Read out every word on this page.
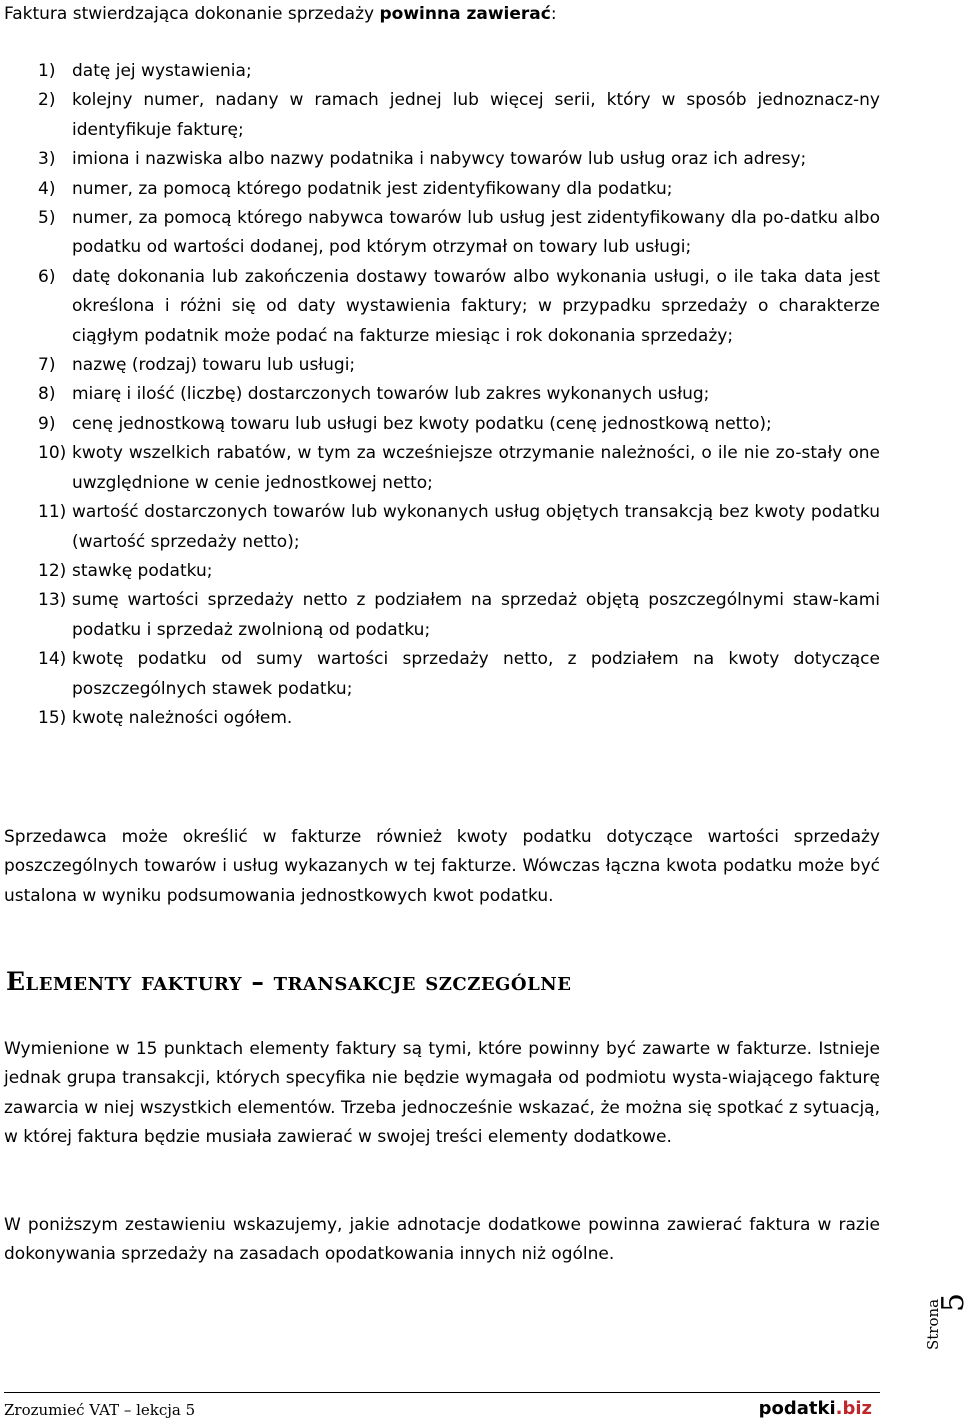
Faktura stwierdzająca dokonanie sprzedaży powinna zawierać:

1) datę jej wystawienia;
2) kolejny numer, nadany w ramach jednej lub więcej serii, który w sposób jednoznacz-ny identyfikuje fakturę;
3) imiona i nazwiska albo nazwy podatnika i nabywcy towarów lub usług oraz ich adresy;
4) numer, za pomocą którego podatnik jest zidentyfikowany dla podatku;
5) numer, za pomocą którego nabywca towarów lub usług jest zidentyfikowany dla po-datku albo podatku od wartości dodanej, pod którym otrzymał on towary lub usługi;
6) datę dokonania lub zakończenia dostawy towarów albo wykonania usługi, o ile taka data jest określona i różni się od daty wystawienia faktury; w przypadku sprzedaży o charakterze ciągłym podatnik może podać na fakturze miesiąc i rok dokonania sprzedaży;
7) nazwę (rodzaj) towaru lub usługi;
8) miarę i ilość (liczbę) dostarczonych towarów lub zakres wykonanych usług;
9) cenę jednostkową towaru lub usługi bez kwoty podatku (cenę jednostkową netto);
10) kwoty wszelkich rabatów, w tym za wcześniejsze otrzymanie należności, o ile nie zo-stały one uwzględnione w cenie jednostkowej netto;
11) wartość dostarczonych towarów lub wykonanych usług objętych transakcją bez kwoty podatku (wartość sprzedaży netto);
12) stawkę podatku;
13) sumę wartości sprzedaży netto z podziałem na sprzedaż objętą poszczególnymi staw-kami podatku i sprzedaż zwolnioną od podatku;
14) kwotę podatku od sumy wartości sprzedaży netto, z podziałem na kwoty dotyczące poszczególnych stawek podatku;
15) kwotę należności ogółem.

Sprzedawca może określić w fakturze również kwoty podatku dotyczące wartości sprzedaży poszczególnych towarów i usług wykazanych w tej fakturze. Wówczas łączna kwota podatku może być ustalona w wyniku podsumowania jednostkowych kwot podatku.

Elementy faktury – transakcje szczególne

Wymienione w 15 punktach elementy faktury są tymi, które powinny być zawarte w fakturze. Istnieje jednak grupa transakcji, których specyfika nie będzie wymagała od podmiotu wysta-wiającego fakturę zawarcia w niej wszystkich elementów. Trzeba jednocześnie wskazać, że można się spotkać z sytuacją, w której faktura będzie musiała zawierać w swojej treści elementy dodatkowe.

W poniższym zestawieniu wskazujemy, jakie adnotacje dodatkowe powinna zawierać faktura w razie dokonywania sprzedaży na zasadach opodatkowania innych niż ogólne.

Strona
5
Zrozumieć VAT – lekcja 5	podatki.biz
